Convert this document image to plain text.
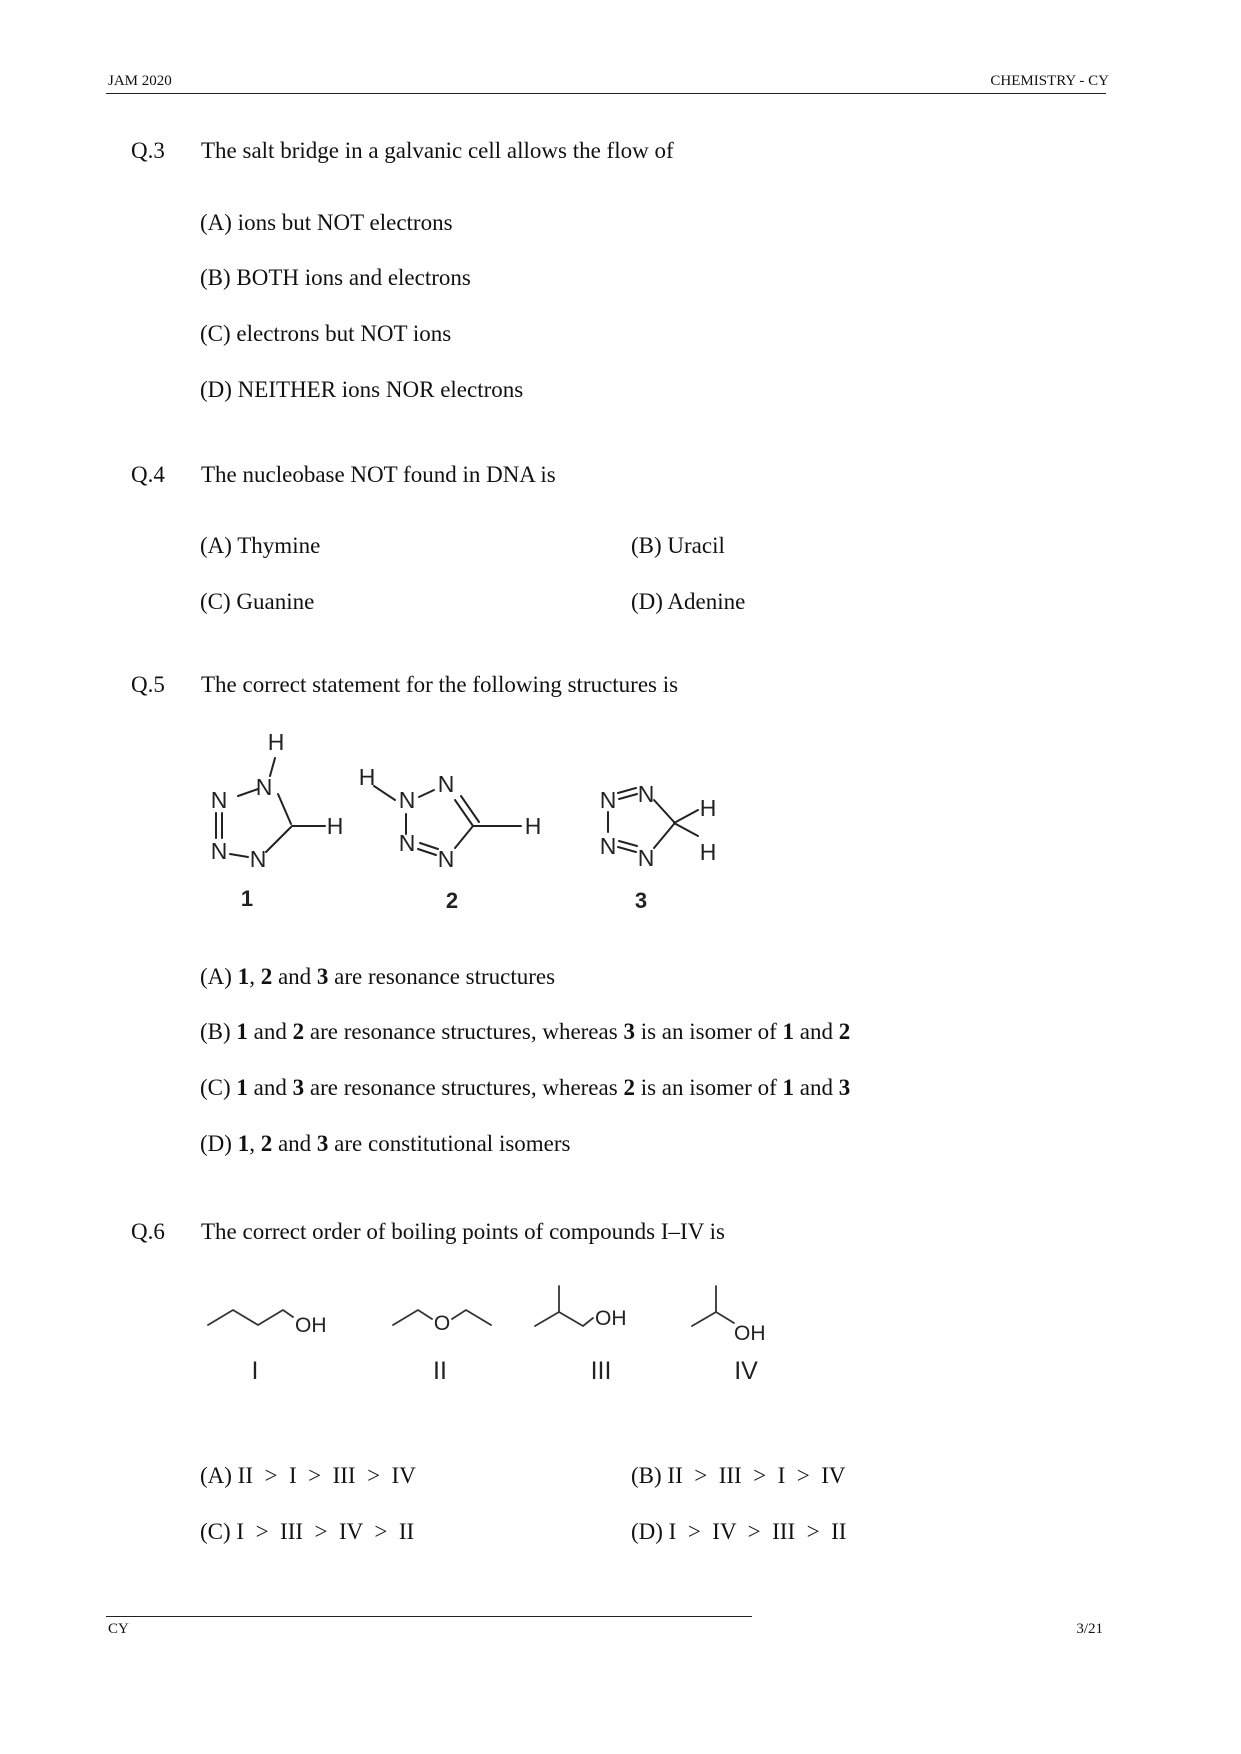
JAM 2020	CHEMISTRY - CY
Q.3 The salt bridge in a galvanic cell allows the flow of
(A) ions but NOT electrons
(B) BOTH ions and electrons
(C) electrons but NOT ions
(D) NEITHER ions NOR electrons
Q.4 The nucleobase NOT found in DNA is
(A) Thymine	(B) Uracil
(C) Guanine	(D) Adenine
Q.5 The correct statement for the following structures is
H
N
N
N N
H
H
N
N
N
N
H
N N
N N
H
H
1	2	3
(A) 1, 2 and 3 are resonance structures
(B) 1 and 2 are resonance structures, whereas 3 is an isomer of 1 and 2
(C) 1 and 3 are resonance structures, whereas 2 is an isomer of 1 and 3
(D) 1, 2 and 3 are constitutional isomers
Q.6 The correct order of boiling points of compounds I–IV is
OH	O	OH
OH
I	II	III	IV
(A) II  >  I  >  III  >  IV	(B) II  >  III  >  I  >  IV
(C) I  >  III  >  IV  >  II	(D) I  >  IV  >  III  >  II
CY	3/21
